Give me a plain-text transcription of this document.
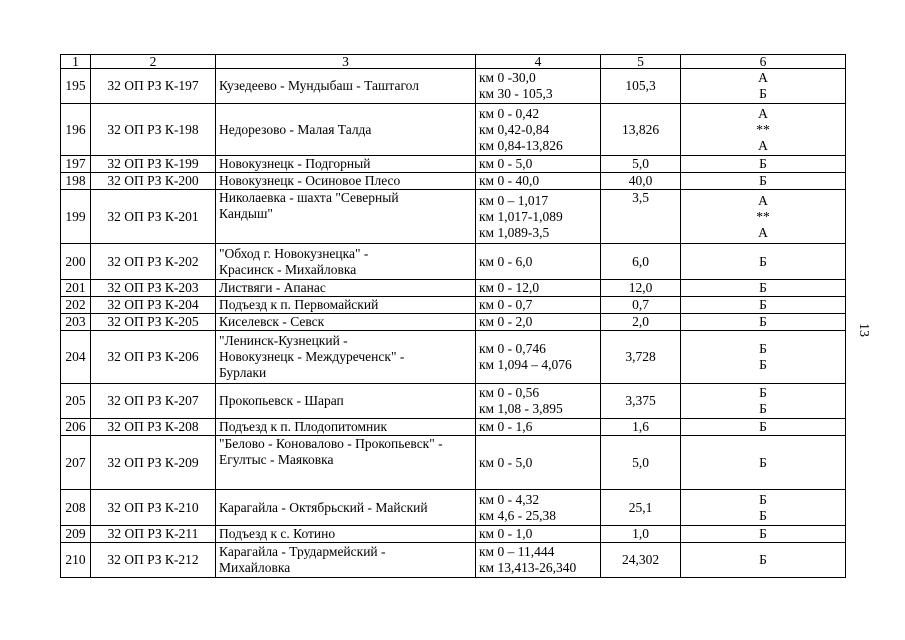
1	2	3	4	5	6
195	32 ОП РЗ К-197	Кузедеево - Мундыбаш - Таштагол	км 0 -30,0
км 30 - 105,3	105,3	А
Б

196	32 ОП РЗ К-198	Недорезово - Малая Талда	км 0 - 0,42
км 0,42-0,84
км 0,84-13,826	13,826	А
**
А

197	32 ОП РЗ К-199	Новокузнецк - Подгорный	км 0 - 5,0	5,0	Б

198	32 ОП РЗ К-200	Новокузнецк - Осиновое Плесо	км 0 - 40,0	40,0	Б

199	32 ОП РЗ К-201	Николаевка - шахта "Северный
Кандыш"	км 0 – 1,017
км 1,017-1,089
км 1,089-3,5	3,5	А
**
А

200	32 ОП РЗ К-202	"Обход г. Новокузнецка" -
Красинск - Михайловка	км 0 - 6,0	6,0	Б

201	32 ОП РЗ К-203	Листвяги - Апанас	км 0 - 12,0	12,0	Б

202	32 ОП РЗ К-204	Подъезд к п. Первомайский	км 0 - 0,7	0,7	Б

203	32 ОП РЗ К-205	Киселевск - Севск	км 0 - 2,0	2,0	Б

204	32 ОП РЗ К-206	"Ленинск-Кузнецкий -
Новокузнецк - Междуреченск" -
Бурлаки	км 0 - 0,746
км 1,094 – 4,076	3,728	Б
Б

205	32 ОП РЗ К-207	Прокопьевск - Шарап	км 0 - 0,56
км 1,08 - 3,895	3,375	Б
Б

206	32 ОП РЗ К-208	Подъезд к п. Плодопитомник	км 0 - 1,6	1,6	Б

207	32 ОП РЗ К-209	"Белово - Коновалово - Прокопьевск" -
Егултыс - Маяковка	км 0 - 5,0	5,0	Б

208	32 ОП РЗ К-210	Карагайла - Октябрьский - Майский	км 0 - 4,32
км 4,6 - 25,38	25,1	Б
Б

209	32 ОП РЗ К-211	Подъезд к с. Котино	км 0 - 1,0	1,0	Б

210	32 ОП РЗ К-212	Карагайла - Трудармейский -
Михайловка	км 0 – 11,444
км 13,413-26,340	24,302	Б
13
